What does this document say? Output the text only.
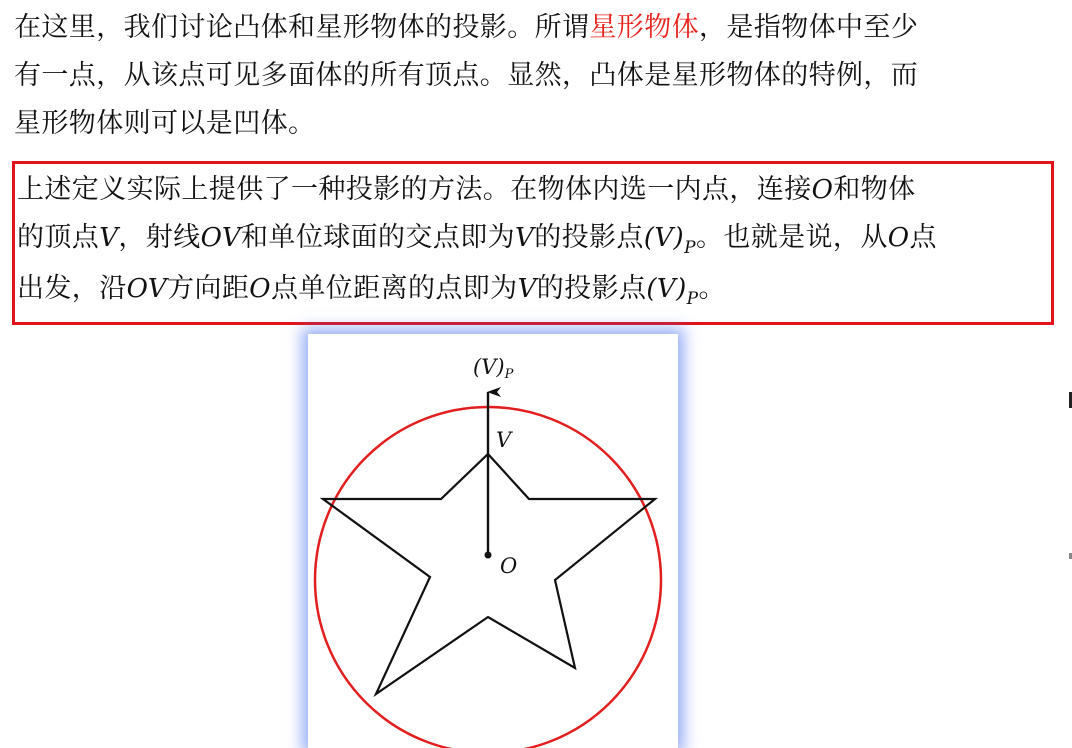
在这里，我们讨论凸体和星形物体的投影。所谓星形物体，是指物体中至少
有一点，从该点可见多面体的所有顶点。显然，凸体是星形物体的特例，而
星形物体则可以是凹体。
上述定义实际上提供了一种投影的方法。在物体内选一内点，连接O和物体
的顶点V，射线OV和单位球面的交点即为V的投影点$(V)_P$。也就是说，从O点
出发，沿OV方向距O点单位距离的点即为V的投影点$(V)_P$。
(V)P
V
O
